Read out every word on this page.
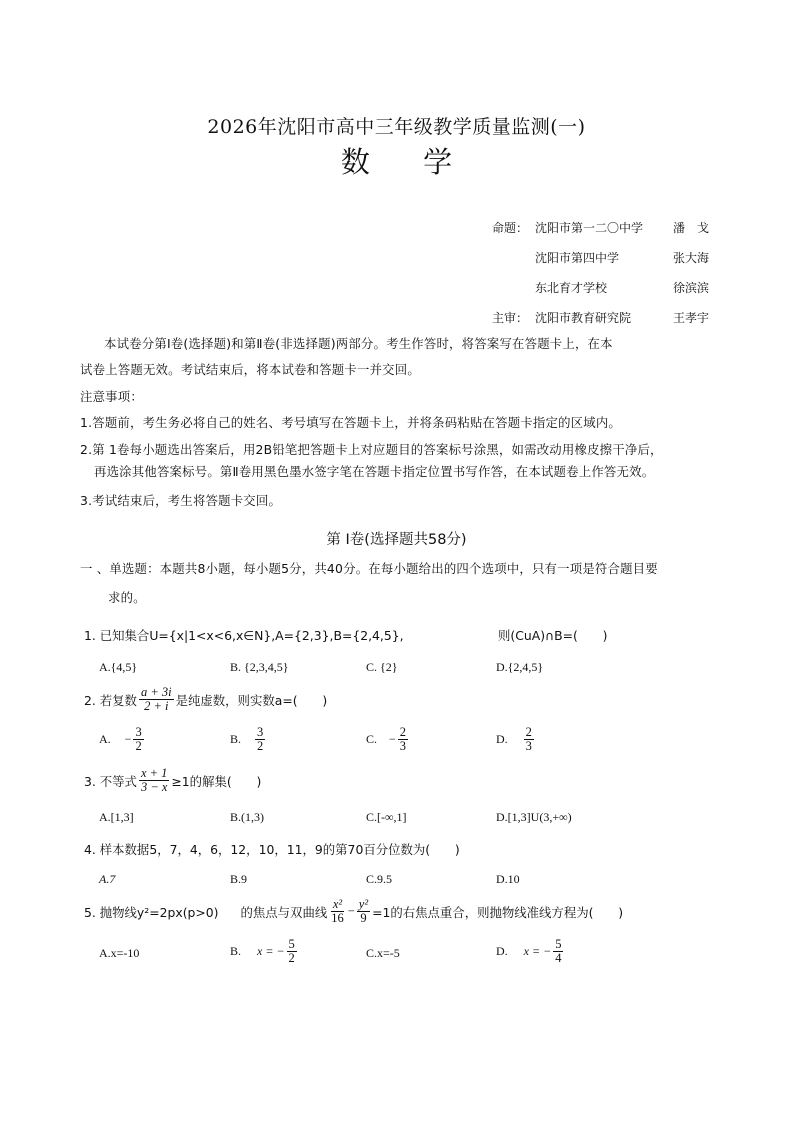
2026年沈阳市高中三年级教学质量监测(一)
数 学
命题： 沈阳市第一二〇中学 潘　戈
沈阳市第四中学	张大海
东北育才学校	徐滨滨
主审： 沈阳市教育研究院	王孝宇
本试卷分第Ⅰ卷(选择题)和第Ⅱ卷(非选择题)两部分。考生作答时，将答案写在答题卡上，在本
试卷上答题无效。考试结束后，将本试卷和答题卡一并交回。
注意事项：
1.答题前，考生务必将自己的姓名、考号填写在答题卡上，并将条码粘贴在答题卡指定的区域内。
2.第 1卷每小题选出答案后，用2B铅笔把答题卡上对应题目的答案标号涂黑，如需改动用橡皮擦干净后，
再选涂其他答案标号。第Ⅱ卷用黑色墨水签字笔在答题卡指定位置书写作答，在本试题卷上作答无效。
3.考试结束后，考生将答题卡交回。
第 Ⅰ卷(选择题共58分)
一 、单选题：本题共8小题，每小题5分，共40分。在每小题给出的四个选项中，只有一项是符合题目要
求的。
1. 已知集合U={x|1<x<6,x∈N},A={2,3},B={2,4,5},	则(CuA)∩B=(　　)
A.{4,5}	B. {2,3,4,5}	C. {2}	D.{2,4,5}
2. 若复数 $\frac{a + 3i}{2 + i}$ 是纯虚数，则实数a=(　　)
A. − $\frac{3}{2}$	B. $\frac{3}{2}$	C. − $\frac{2}{3}$	D. $\frac{2}{3}$
3. 不等式 $\frac{x + 1}{3 - x} \ge 1$的解集(　　)
A.[1,3]	B.(1,3)	C.[-∞,1]	D.[1,3]U(3,+∞)
4. 样本数据5，7，4，6，12，10，11，9的第70百分位数为(　　)
A.7	B.9	C.9.5	D.10
5. 抛物线y²=2px(p>0) 的焦点与双曲线 $\frac{\text{x²}}{16} - \frac{\text{y²}}{9} =1$的右焦点重合，则抛物线准线方程为(　　)
A.x=-10	B. x = − $\frac{5}{2}$	C.x=-5	D. x = − $\frac{5}{4}$
